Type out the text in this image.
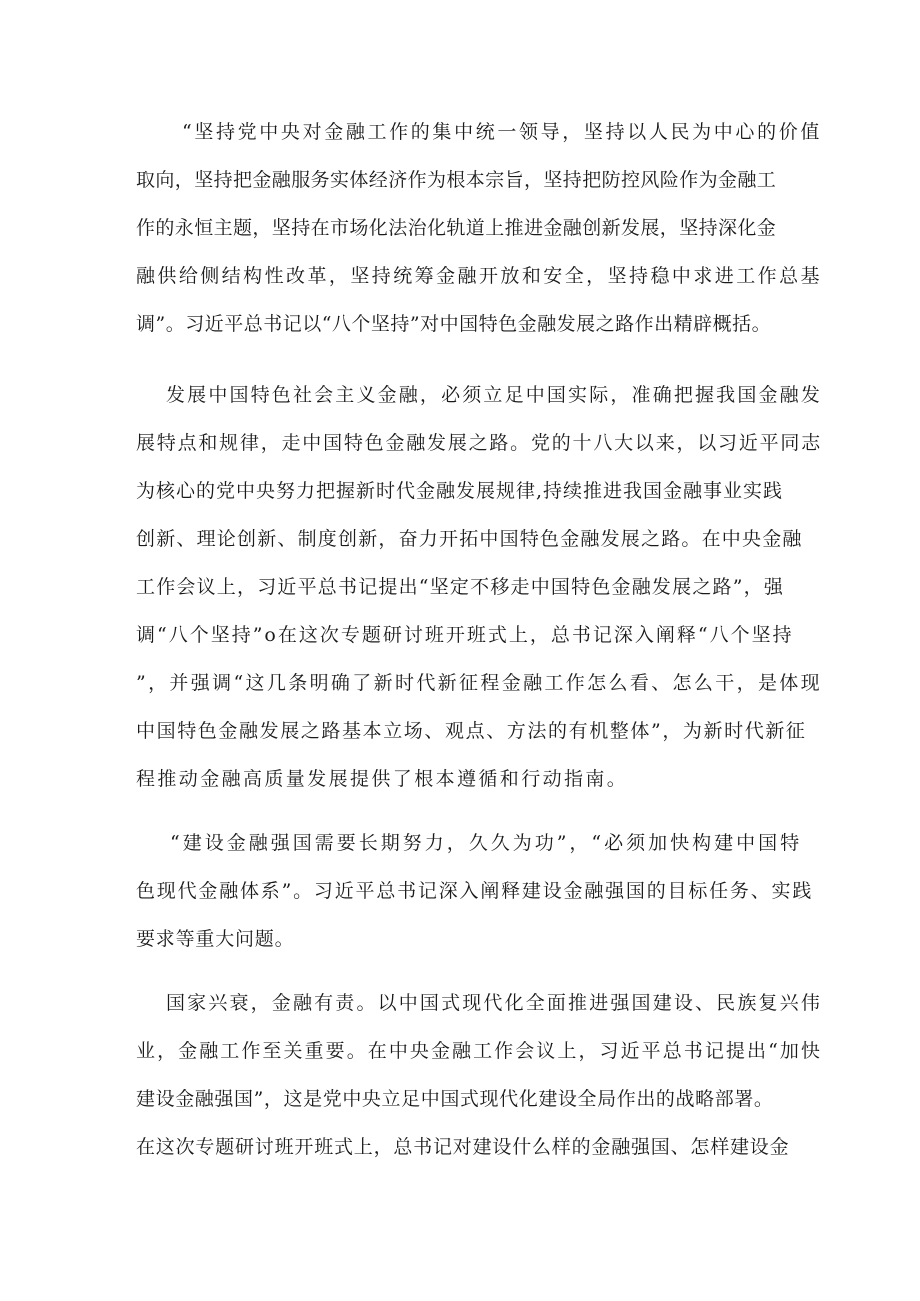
“坚持党中央对金融工作的集中统一领导，坚持以人民为中心的价值
取向，坚持把金融服务实体经济作为根本宗旨，坚持把防控风险作为金融工
作的永恒主题，坚持在市场化法治化轨道上推进金融创新发展，坚持深化金
融供给侧结构性改革，坚持统筹金融开放和安全，坚持稳中求进工作总基
调”。习近平总书记以“八个坚持”对中国特色金融发展之路作出精辟概括。
发展中国特色社会主义金融，必须立足中国实际，准确把握我国金融发
展特点和规律，走中国特色金融发展之路。党的十八大以来，以习近平同志
为核心的党中央努力把握新时代金融发展规律,持续推进我国金融事业实践
创新、理论创新、制度创新，奋力开拓中国特色金融发展之路。在中央金融
工作会议上，习近平总书记提出“坚定不移走中国特色金融发展之路”，强
调“八个坚持”o在这次专题研讨班开班式上，总书记深入阐释“八个坚持
”，并强调“这几条明确了新时代新征程金融工作怎么看、怎么干，是体现
中国特色金融发展之路基本立场、观点、方法的有机整体”，为新时代新征
程推动金融高质量发展提供了根本遵循和行动指南。
“建设金融强国需要长期努力，久久为功”，“必须加快构建中国特
色现代金融体系”。习近平总书记深入阐释建设金融强国的目标任务、实践
要求等重大问题。
国家兴衰，金融有责。以中国式现代化全面推进强国建设、民族复兴伟
业，金融工作至关重要。在中央金融工作会议上，习近平总书记提出“加快
建设金融强国”，这是党中央立足中国式现代化建设全局作出的战略部署。
在这次专题研讨班开班式上，总书记对建设什么样的金融强国、怎样建设金
